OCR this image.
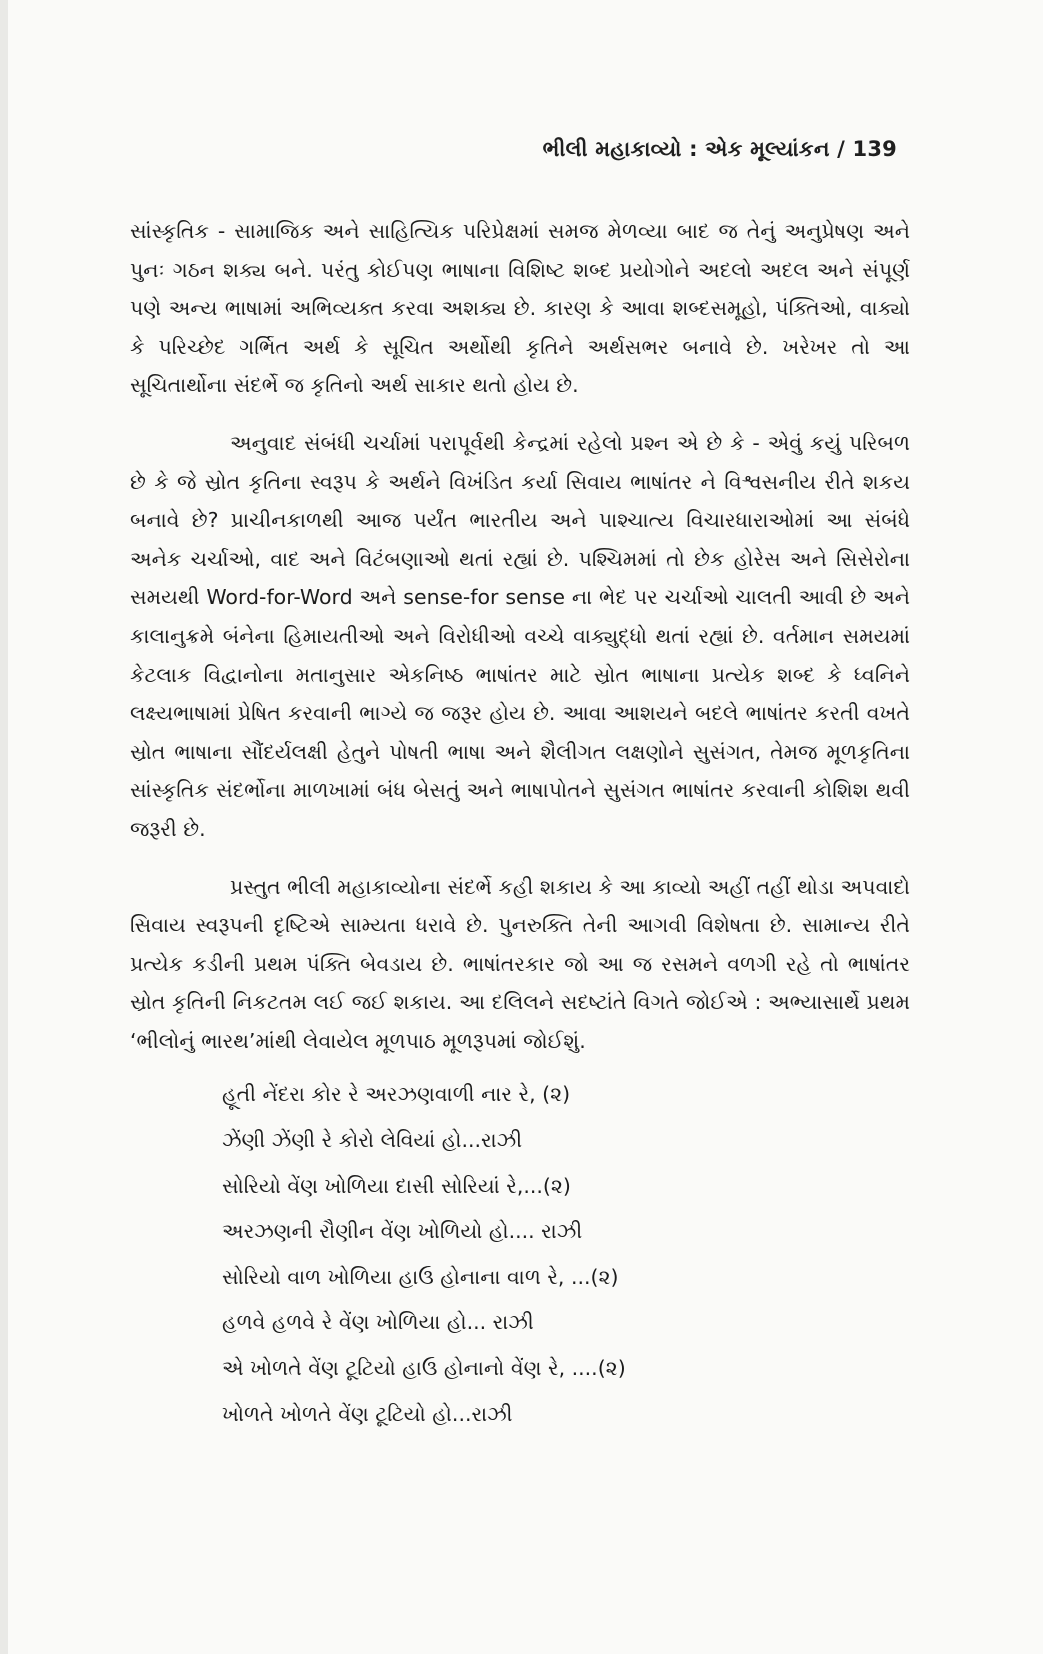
ભીલી મહાકાવ્યો : એક મૂલ્યાંકન / 139

સાંસ્કૃતિક - સામાજિક અને સાહિત્યિક પરિપ્રેક્ષમાં સમજ મેળવ્યા બાદ જ તેનું અનુપ્રેષણ અને પુનઃ ગઠન શક્ય બને. પરંતુ કોઈપણ ભાષાના વિશિષ્ટ શબ્દ પ્રયોગોને અદલો અદલ અને સંપૂર્ણ પણે અન્ય ભાષામાં અભિવ્યક્ત કરવા અશક્ય છે. કારણ કે આવા શબ્દસમૂહો, પંક્તિઓ, વાક્યો કે પરિચ્છેદ ગર્ભિત અર્થ કે સૂચિત અર્થોથી કૃતિને અર્થસભર બનાવે છે. ખરેખર તો આ સૂચિતાર્થોના સંદર્ભે જ કૃતિનો અર્થ સાકાર થતો હોય છે.

અનુવાદ સંબંધી ચર્ચામાં પરાપૂર્વથી કેન્દ્રમાં રહેલો પ્રશ્ન એ છે કે - એવું કયું પરિબળ છે કે જે સ્રોત કૃતિના સ્વરૂપ કે અર્થને વિખંડિત કર્યા સિવાય ભાષાંતર ને વિશ્વસનીય રીતે શકય બનાવે છે? પ્રાચીનકાળથી આજ પર્યંત ભારતીય અને પાશ્ચાત્ય વિચારધારાઓમાં આ સંબંધે અનેક ચર્ચાઓ, વાદ અને વિટંબણાઓ થતાં રહ્યાં છે. પશ્ચિમમાં તો છેક હોરેસ અને સિસેરોના સમયથી Word-for-Word અને sense-for sense ના ભેદ પર ચર્ચાઓ ચાલતી આવી છે અને કાલાનુક્રમે બંનેના હિમાયતીઓ અને વિરોધીઓ વચ્ચે વાક્યુદ્ધો થતાં રહ્યાં છે. વર્તમાન સમયમાં કેટલાક વિદ્વાનોના મતાનુસાર એકનિષ્ઠ ભાષાંતર માટે સ્રોત ભાષાના પ્રત્યેક શબ્દ કે ધ્વનિને લક્ષ્યભાષામાં પ્રેષિત કરવાની ભાગ્યે જ જરૂર હોય છે. આવા આશયને બદલે ભાષાંતર કરતી વખતે સ્રોત ભાષાના સૌંદર્યલક્ષી હેતુને પોષતી ભાષા અને શૈલીગત લક્ષણોને સુસંગત, તેમજ મૂળકૃતિના સાંસ્કૃતિક સંદર્ભોના માળખામાં બંધ બેસતું અને ભાષાપોતને સુસંગત ભાષાંતર કરવાની કોશિશ થવી જરૂરી છે.

પ્રસ્તુત ભીલી મહાકાવ્યોના સંદર્ભે કહી શકાય કે આ કાવ્યો અહીં તહીં થોડા અપવાદો સિવાય સ્વરૂપની દૃષ્ટિએ સામ્યતા ધરાવે છે. પુનરુક્તિ તેની આગવી વિશેષતા છે. સામાન્ય રીતે પ્રત્યેક કડીની પ્રથમ પંક્તિ બેવડાય છે. ભાષાંતરકાર જો આ જ રસમને વળગી રહે તો ભાષાંતર સ્રોત કૃતિની નિકટતમ લઈ જઈ શકાય. આ દલિલને સદષ્ટાંતે વિગતે જોઈએ : અભ્યાસાર્થે પ્રથમ ‘ભીલોનું ભારથ’માંથી લેવાયેલ મૂળપાઠ મૂળરૂપમાં જોઈશું.

હૂતી નેંદરા કોર રે અરઝણવાળી નાર રે, (૨)
ઝેંણી ઝેંણી રે કોરો લેવિયાં હો...રાઝી
સોરિયો વેંણ ખોળિયા દાસી સોરિયાં રે,...(૨)
અરઝણની રૌણીન વેંણ ખોળિયો હો.... રાઝી
સોરિયો વાળ ખોળિયા હાઉ હોનાના વાળ રે, ...(૨)
હળવે હળવે રે વેંણ ખોળિયા હો... રાઝી
એ ખોળતે વેંણ ટૂટિયો હાઉ હોનાનો વેંણ રે, ....(૨)
ખોળતે ખોળતે વેંણ ટૂટિયો હો...રાઝી
